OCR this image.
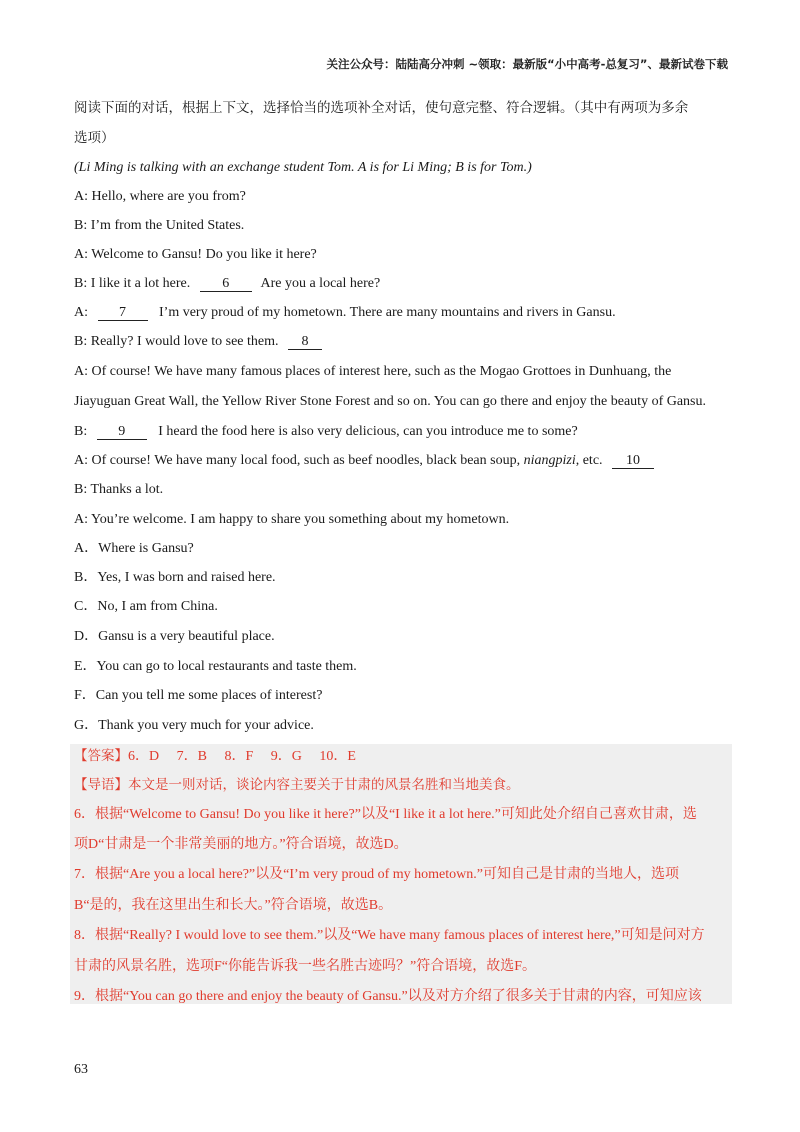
关注公众号：陆陆高分冲刺 ~领取：最新版“小中高考-总复习”、最新试卷下载
阅读下面的对话，根据上下文，选择恰当的选项补全对话，使句意完整、符合逻辑。（其中有两项为多余
选项）
(Li Ming is talking with an exchange student Tom. A is for Li Ming; B is for Tom.)
A: Hello, where are you from?
B: I’m from the United States.
A: Welcome to Gansu! Do you like it here?
B: I like it a lot here. 6 Are you a local here?
A: 7 I’m very proud of my hometown. There are many mountains and rivers in Gansu.
B: Really? I would love to see them. 8
A: Of course! We have many famous places of interest here, such as the Mogao Grottoes in Dunhuang, the
Jiayuguan Great Wall, the Yellow River Stone Forest and so on. You can go there and enjoy the beauty of Gansu.
B: 9 I heard the food here is also very delicious, can you introduce me to some?
A: Of course! We have many local food, such as beef noodles, black bean soup, niangpizi, etc. 10
B: Thanks a lot.
A: You’re welcome. I am happy to share you something about my hometown.
A．Where is Gansu?
B．Yes, I was born and raised here.
C．No, I am from China.
D．Gansu is a very beautiful place.
E．You can go to local restaurants and taste them.
F．Can you tell me some places of interest?
G．Thank you very much for your advice.
【答案】6．D     7．B     8．F     9．G     10．E
【导语】本文是一则对话，谈论内容主要关于甘肃的风景名胜和当地美食。
6．根据“Welcome to Gansu! Do you like it here?”以及“I like it a lot here.”可知此处介绍自己喜欢甘肃，选
项D“甘肃是一个非常美丽的地方。”符合语境，故选D。
7．根据“Are you a local here?”以及“I’m very proud of my hometown.”可知自己是甘肃的当地人，选项
B“是的，我在这里出生和长大。”符合语境，故选B。
8．根据“Really? I would love to see them.”以及“We have many famous places of interest here,”可知是问对方
甘肃的风景名胜，选项F“你能告诉我一些名胜古迹吗？”符合语境，故选F。
9．根据“You can go there and enjoy the beauty of Gansu.”以及对方介绍了很多关于甘肃的内容，可知应该
63
